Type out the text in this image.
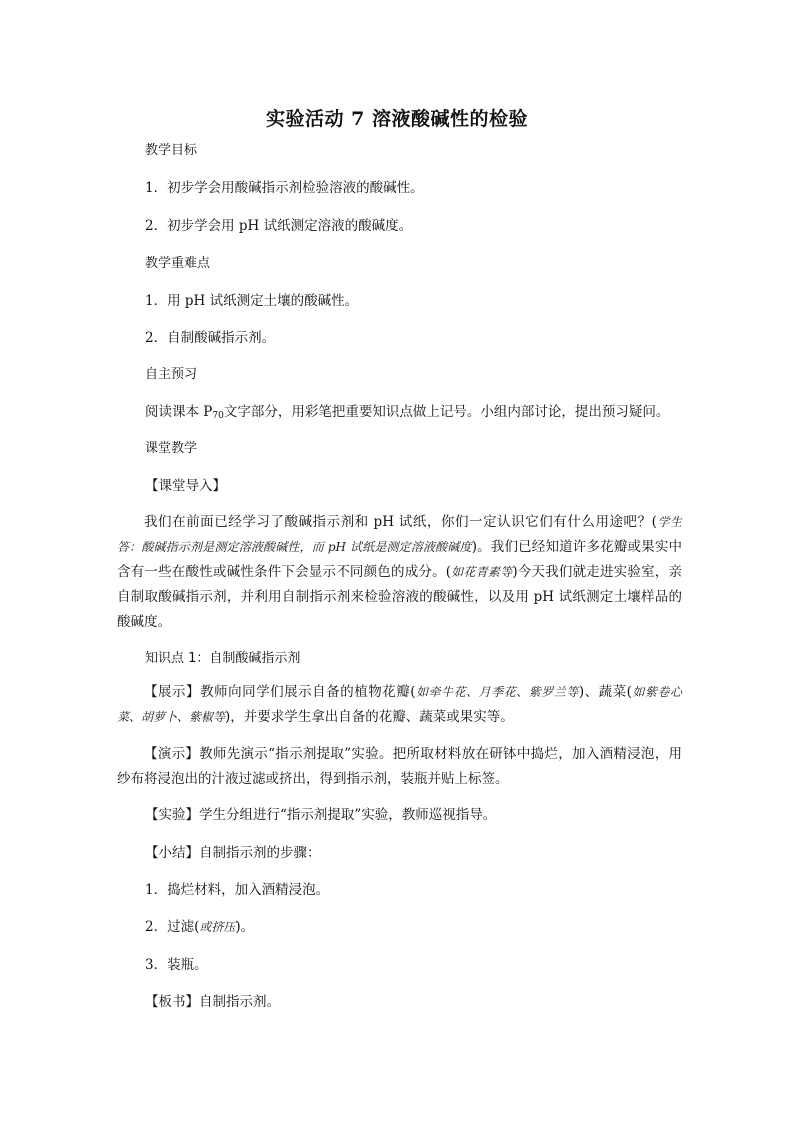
实验活动 7 溶液酸碱性的检验
教学目标
1．初步学会用酸碱指示剂检验溶液的酸碱性。
2．初步学会用 pH 试纸测定溶液的酸碱度。
教学重难点
1．用 pH 试纸测定土壤的酸碱性。
2．自制酸碱指示剂。
自主预习
阅读课本 $P_{70}$文字部分，用彩笔把重要知识点做上记号。小组内部讨论，提出预习疑问。
课堂教学
【课堂导入】
我们在前面已经学习了酸碱指示剂和 pH 试纸，你们一定认识它们有什么用途吧？(学生答：酸碱指示剂是测定溶液酸碱性，而 pH 试纸是测定溶液酸碱度)。我们已经知道许多花瓣或果实中含有一些在酸性或碱性条件下会显示不同颜色的成分。(如花青素等)今天我们就走进实验室，亲自制取酸碱指示剂，并利用自制指示剂来检验溶液的酸碱性，以及用 pH 试纸测定土壤样品的酸碱度。
知识点 1：自制酸碱指示剂
【展示】教师向同学们展示自备的植物花瓣(如牵牛花、月季花、紫罗兰等)、蔬菜(如紫卷心菜、胡萝卜、紫椒等)，并要求学生拿出自备的花瓣、蔬菜或果实等。
【演示】教师先演示“指示剂提取”实验。把所取材料放在研钵中捣烂，加入酒精浸泡，用纱布将浸泡出的汁液过滤或挤出，得到指示剂，装瓶并贴上标签。
【实验】学生分组进行“指示剂提取”实验，教师巡视指导。
【小结】自制指示剂的步骤：
1．捣烂材料，加入酒精浸泡。
2．过滤(或挤压)。
3．装瓶。
【板书】自制指示剂。
